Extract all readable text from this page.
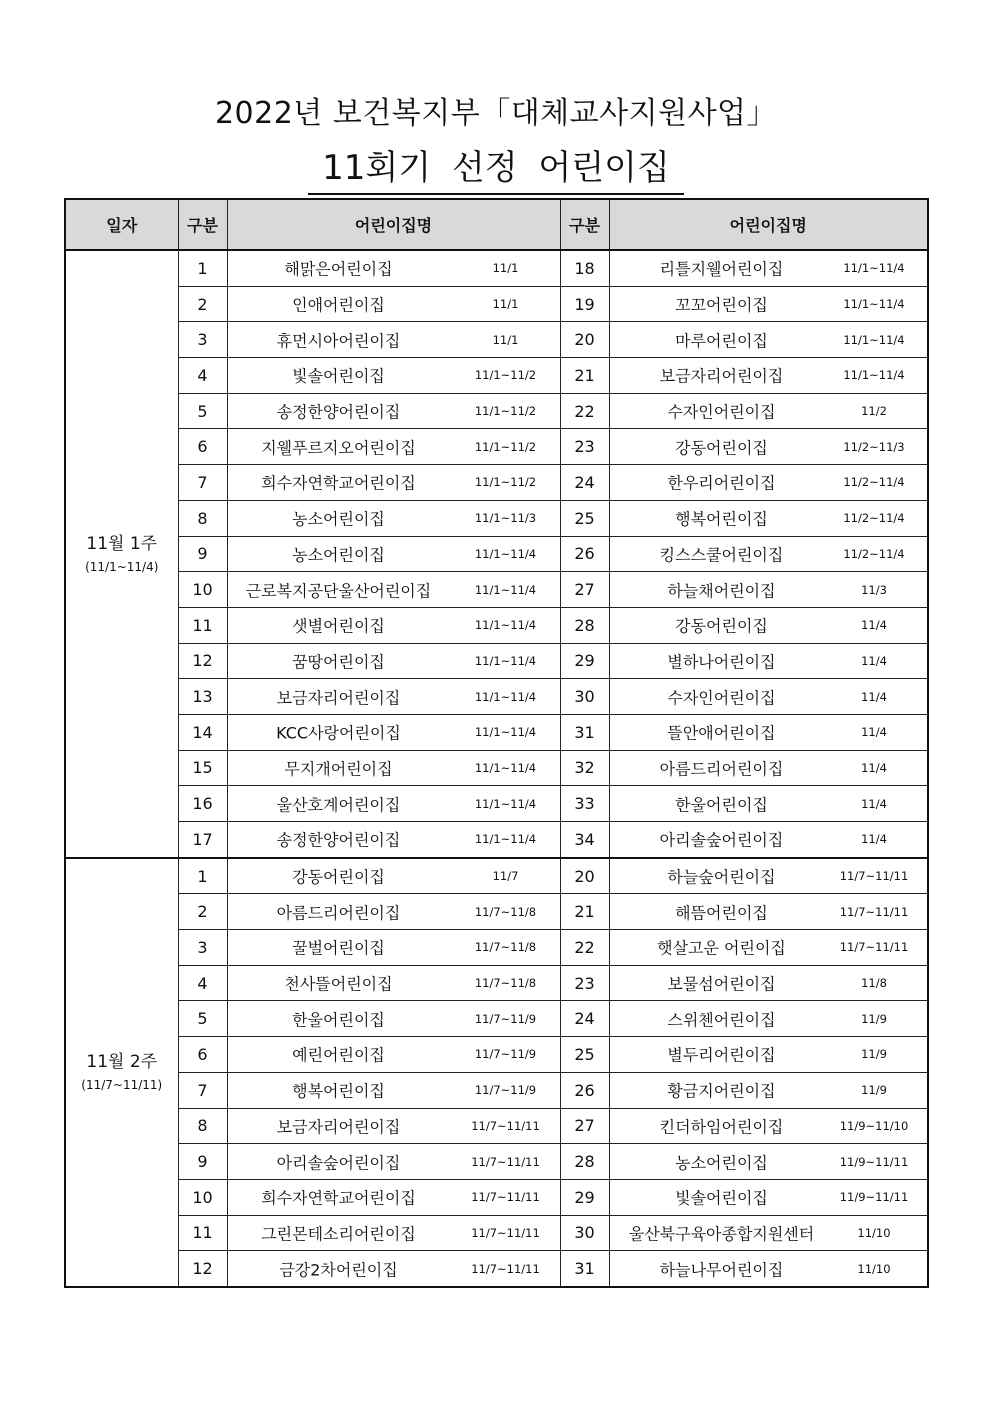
2022년 보건복지부「대체교사지원사업」
11회기 선정 어린이집
일자	구분	어린이집명	구분	어린이집명

11월 1주
(11/1~11/4)	1	해맑은어린이집 11/1	18	리틀지웰어린이집 11/1~11/4

	2	인애어린이집 11/1	19	꼬꼬어린이집 11/1~11/4

	3	휴먼시아어린이집 11/1	20	마루어린이집 11/1~11/4

	4	빛솔어린이집 11/1~11/2	21	보금자리어린이집 11/1~11/4

	5	송정한양어린이집 11/1~11/2	22	수자인어린이집 11/2

	6	지웰푸르지오어린이집 11/1~11/2	23	강동어린이집 11/2~11/3

	7	희수자연학교어린이집 11/1~11/2	24	한우리어린이집 11/2~11/4

	8	농소어린이집 11/1~11/3	25	행복어린이집 11/2~11/4

	9	농소어린이집 11/1~11/4	26	킹스스쿨어린이집 11/2~11/4

	10	근로복지공단울산어린이집 11/1~11/4	27	하늘채어린이집 11/3

	11	샛별어린이집 11/1~11/4	28	강동어린이집 11/4

	12	꿈땅어린이집 11/1~11/4	29	별하나어린이집 11/4

	13	보금자리어린이집 11/1~11/4	30	수자인어린이집 11/4

	14	KCC사랑어린이집 11/1~11/4	31	뜰안애어린이집 11/4

	15	무지개어린이집 11/1~11/4	32	아름드리어린이집 11/4

	16	울산호계어린이집 11/1~11/4	33	한울어린이집 11/4

	17	송정한양어린이집 11/1~11/4	34	아리솔숲어린이집 11/4

11월 2주
(11/7~11/11)	1	강동어린이집 11/7	20	하늘숲어린이집 11/7~11/11

	2	아름드리어린이집 11/7~11/8	21	해뜸어린이집 11/7~11/11

	3	꿀벌어린이집 11/7~11/8	22	햇살고운 어린이집 11/7~11/11

	4	천사뜰어린이집 11/7~11/8	23	보물섬어린이집 11/8

	5	한울어린이집 11/7~11/9	24	스위첸어린이집 11/9

	6	예린어린이집 11/7~11/9	25	별두리어린이집 11/9

	7	행복어린이집 11/7~11/9	26	황금지어린이집 11/9

	8	보금자리어린이집 11/7~11/11	27	킨더하임어린이집 11/9~11/10

	9	아리솔숲어린이집 11/7~11/11	28	농소어린이집 11/9~11/11

	10	희수자연학교어린이집 11/7~11/11	29	빛솔어린이집 11/9~11/11

	11	그린몬테소리어린이집 11/7~11/11	30	울산북구육아종합지원센터 11/10

	12	금강2차어린이집 11/7~11/11	31	하늘나무어린이집 11/10
